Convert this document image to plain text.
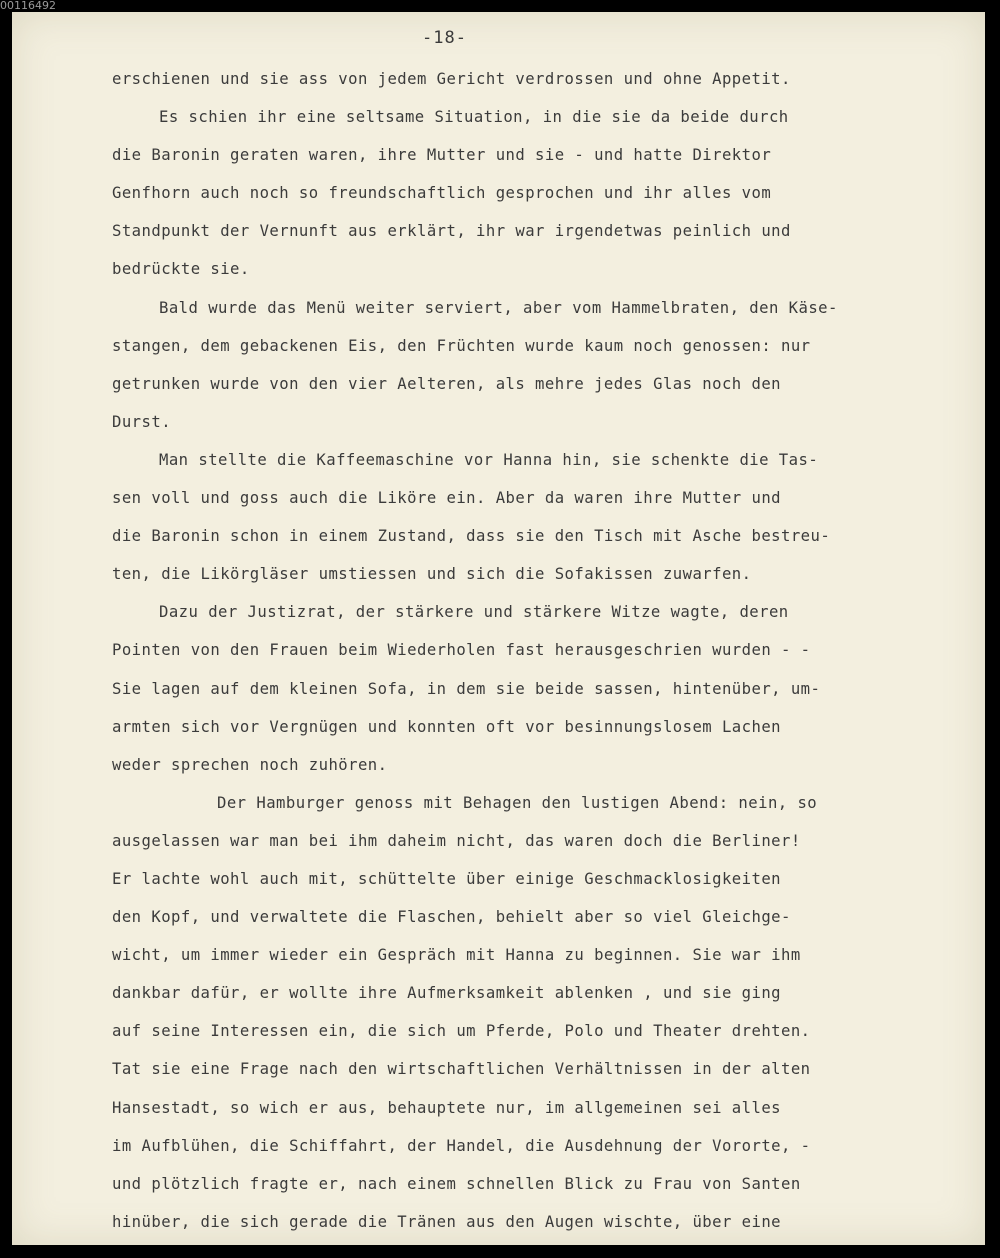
00116492
-18-
erschienen und sie ass von jedem Gericht verdrossen und ohne Appetit.
Es schien ihr eine seltsame Situation, in die sie da beide durch
die Baronin geraten waren, ihre Mutter und sie - und hatte Direktor
Genfhorn auch noch so freundschaftlich gesprochen und ihr alles vom
Standpunkt der Vernunft aus erklärt, ihr war irgendetwas peinlich und
bedrückte sie.
Bald wurde das Menü weiter serviert, aber vom Hammelbraten, den Käse-
stangen, dem gebackenen Eis, den Früchten wurde kaum noch genossen: nur
getrunken wurde von den vier Aelteren, als mehre jedes Glas noch den
Durst.
Man stellte die Kaffeemaschine vor Hanna hin, sie schenkte die Tas-
sen voll und goss auch die Liköre ein. Aber da waren ihre Mutter und
die Baronin schon in einem Zustand, dass sie den Tisch mit Asche bestreu-
ten, die Likörgläser umstiessen und sich die Sofakissen zuwarfen.
Dazu der Justizrat, der stärkere und stärkere Witze wagte, deren
Pointen von den Frauen beim Wiederholen fast herausgeschrien wurden - -
Sie lagen auf dem kleinen Sofa, in dem sie beide sassen, hintenüber, um-
armten sich vor Vergnügen und konnten oft vor besinnungslosem Lachen
weder sprechen noch zuhören.
Der Hamburger genoss mit Behagen den lustigen Abend: nein, so
ausgelassen war man bei ihm daheim nicht, das waren doch die Berliner!
Er lachte wohl auch mit, schüttelte über einige Geschmacklosigkeiten
den Kopf, und verwaltete die Flaschen, behielt aber so viel Gleichge-
wicht, um immer wieder ein Gespräch mit Hanna zu beginnen. Sie war ihm
dankbar dafür, er wollte ihre Aufmerksamkeit ablenken , und sie ging
auf seine Interessen ein, die sich um Pferde, Polo und Theater drehten.
Tat sie eine Frage nach den wirtschaftlichen Verhältnissen in der alten
Hansestadt, so wich er aus, behauptete nur, im allgemeinen sei alles
im Aufblühen, die Schiffahrt, der Handel, die Ausdehnung der Vororte, -
und plötzlich fragte er, nach einem schnellen Blick zu Frau von Santen
hinüber, die sich gerade die Tränen aus den Augen wischte, über eine
